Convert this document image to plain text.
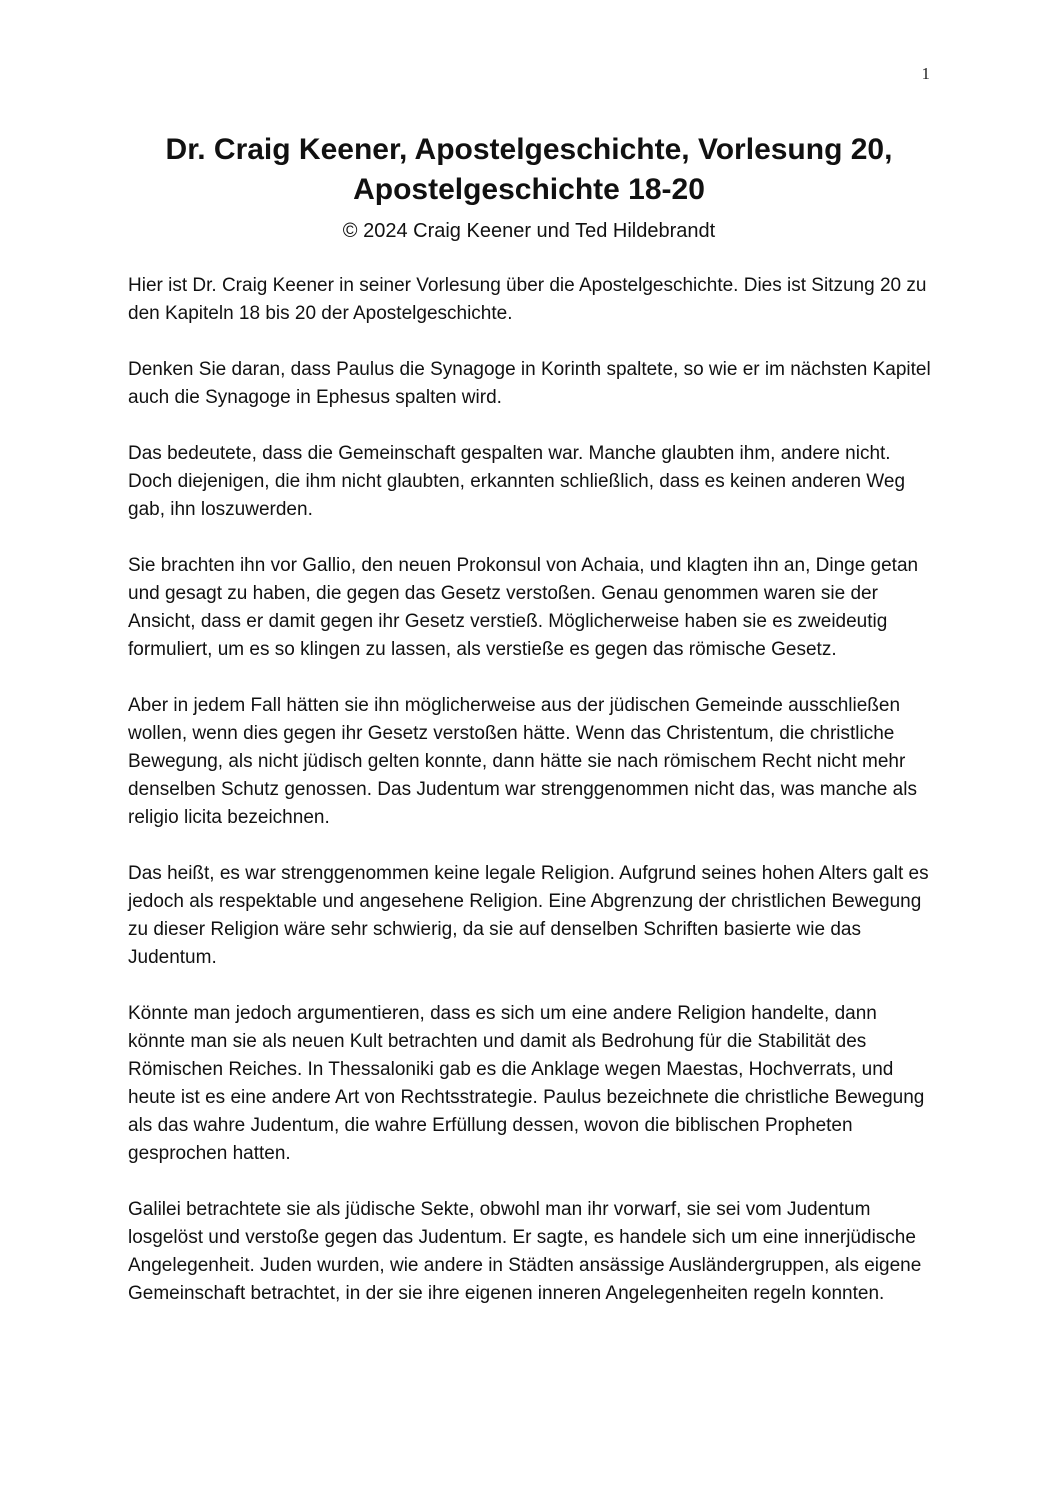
1
Dr. Craig Keener, Apostelgeschichte, Vorlesung 20,
Apostelgeschichte 18-20

© 2024 Craig Keener und Ted Hildebrandt

Hier ist Dr. Craig Keener in seiner Vorlesung über die Apostelgeschichte. Dies ist Sitzung 20 zu den Kapiteln 18 bis 20 der Apostelgeschichte.

Denken Sie daran, dass Paulus die Synagoge in Korinth spaltete, so wie er im nächsten Kapitel auch die Synagoge in Ephesus spalten wird.

Das bedeutete, dass die Gemeinschaft gespalten war. Manche glaubten ihm, andere nicht. Doch diejenigen, die ihm nicht glaubten, erkannten schließlich, dass es keinen anderen Weg gab, ihn loszuwerden.

Sie brachten ihn vor Gallio, den neuen Prokonsul von Achaia, und klagten ihn an, Dinge getan und gesagt zu haben, die gegen das Gesetz verstoßen. Genau genommen waren sie der Ansicht, dass er damit gegen ihr Gesetz verstieß. Möglicherweise haben sie es zweideutig formuliert, um es so klingen zu lassen, als verstieße es gegen das römische Gesetz.

Aber in jedem Fall hätten sie ihn möglicherweise aus der jüdischen Gemeinde ausschließen wollen, wenn dies gegen ihr Gesetz verstoßen hätte. Wenn das Christentum, die christliche Bewegung, als nicht jüdisch gelten konnte, dann hätte sie nach römischem Recht nicht mehr denselben Schutz genossen. Das Judentum war strenggenommen nicht das, was manche als religio licita bezeichnen.

Das heißt, es war strenggenommen keine legale Religion. Aufgrund seines hohen Alters galt es jedoch als respektable und angesehene Religion. Eine Abgrenzung der christlichen Bewegung zu dieser Religion wäre sehr schwierig, da sie auf denselben Schriften basierte wie das Judentum.

Könnte man jedoch argumentieren, dass es sich um eine andere Religion handelte, dann könnte man sie als neuen Kult betrachten und damit als Bedrohung für die Stabilität des Römischen Reiches. In Thessaloniki gab es die Anklage wegen Maestas, Hochverrats, und heute ist es eine andere Art von Rechtsstrategie. Paulus bezeichnete die christliche Bewegung als das wahre Judentum, die wahre Erfüllung dessen, wovon die biblischen Propheten gesprochen hatten.

Galilei betrachtete sie als jüdische Sekte, obwohl man ihr vorwarf, sie sei vom Judentum losgelöst und verstoße gegen das Judentum. Er sagte, es handele sich um eine innerjüdische Angelegenheit. Juden wurden, wie andere in Städten ansässige Ausländergruppen, als eigene Gemeinschaft betrachtet, in der sie ihre eigenen inneren Angelegenheiten regeln konnten.
